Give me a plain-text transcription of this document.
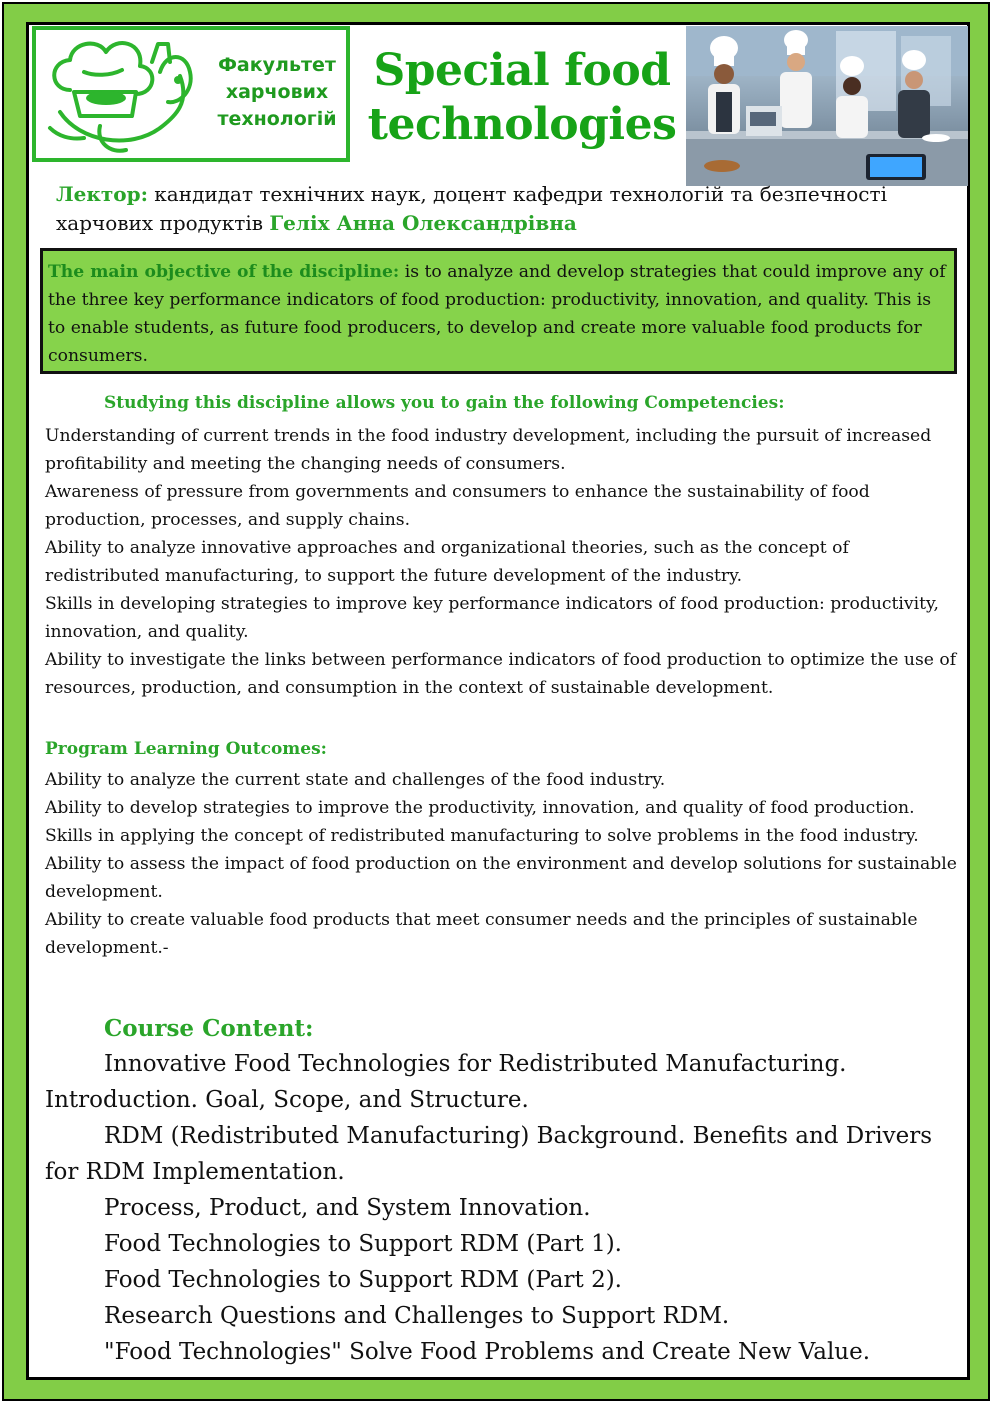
Факультет
харчових
технологій
Special food technologies
Лектор: кандидат технічних наук, доцент кафедри технологій та безпечності харчових продуктів Геліх Анна Олександрівна
The main objective of the discipline: is to analyze and develop strategies that could improve any of the three key performance indicators of food production: productivity, innovation, and quality. This is to enable students, as future food producers, to develop and create more valuable food products for consumers.
Studying this discipline allows you to gain the following Competencies:

Understanding of current trends in the food industry development, including the pursuit of increased profitability and meeting the changing needs of consumers.

Awareness of pressure from governments and consumers to enhance the sustainability of food production, processes, and supply chains.

Ability to analyze innovative approaches and organizational theories, such as the concept of redistributed manufacturing, to support the future development of the industry.

Skills in developing strategies to improve key performance indicators of food production: productivity, innovation, and quality.

Ability to investigate the links between performance indicators of food production to optimize the use of resources, production, and consumption in the context of sustainable development.

Program Learning Outcomes:

Ability to analyze the current state and challenges of the food industry.

Ability to develop strategies to improve the productivity, innovation, and quality of food production.

Skills in applying the concept of redistributed manufacturing to solve problems in the food industry.

Ability to assess the impact of food production on the environment and develop solutions for sustainable development.

Ability to create valuable food products that meet consumer needs and the principles of sustainable development.-

Course Content:

Innovative Food Technologies for Redistributed Manufacturing. Introduction. Goal, Scope, and Structure.

RDM (Redistributed Manufacturing) Background. Benefits and Drivers for RDM Implementation.

Process, Product, and System Innovation.

Food Technologies to Support RDM (Part 1).

Food Technologies to Support RDM (Part 2).

Research Questions and Challenges to Support RDM.

"Food Technologies" Solve Food Problems and Create New Value.
